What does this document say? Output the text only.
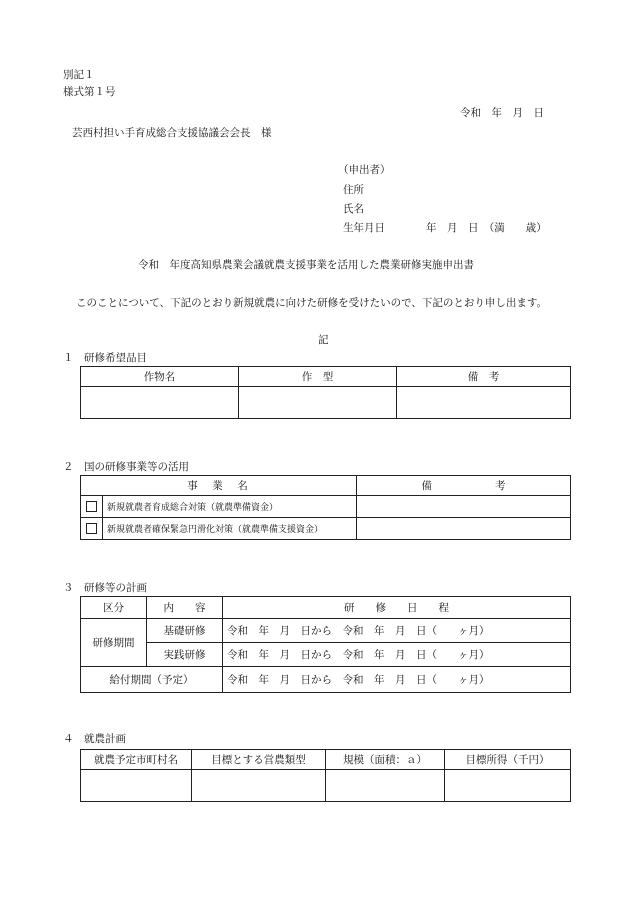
別記１
様式第１号
令和　年　月　日
芸西村担い手育成総合支援協議会会長　様
（申出者）
住所
氏名
生年月日	年　月　日　（満　　歳）
令和　年度高知県農業会議就農支援事業を活用した農業研修実施申出書
このことについて、下記のとおり新規就農に向けた研修を受けたいので、下記のとおり申し出ます。
記
１　研修希望品目
作物名	作　型	備　考

２　国の研修事業等の活用
事　業　名		備　　　　　　考
	新規就農者育成総合対策（就農準備資金）	
	新規就農者確保緊急円滑化対策（就農準備支援資金）	
３　研修等の計画
区分	内　　容	研　　修　　日　　程
研修期間	基礎研修	令和　年　月　日から　令和　年　月　日（　　ヶ月）
	実践研修	令和　年　月　日から　令和　年　月　日（　　ヶ月）
給付期間（予定）		令和　年　月　日から　令和　年　月　日（　　ヶ月）
４　就農計画
就農予定市町村名	目標とする営農類型	規模（面積：ａ）	目標所得（千円）
